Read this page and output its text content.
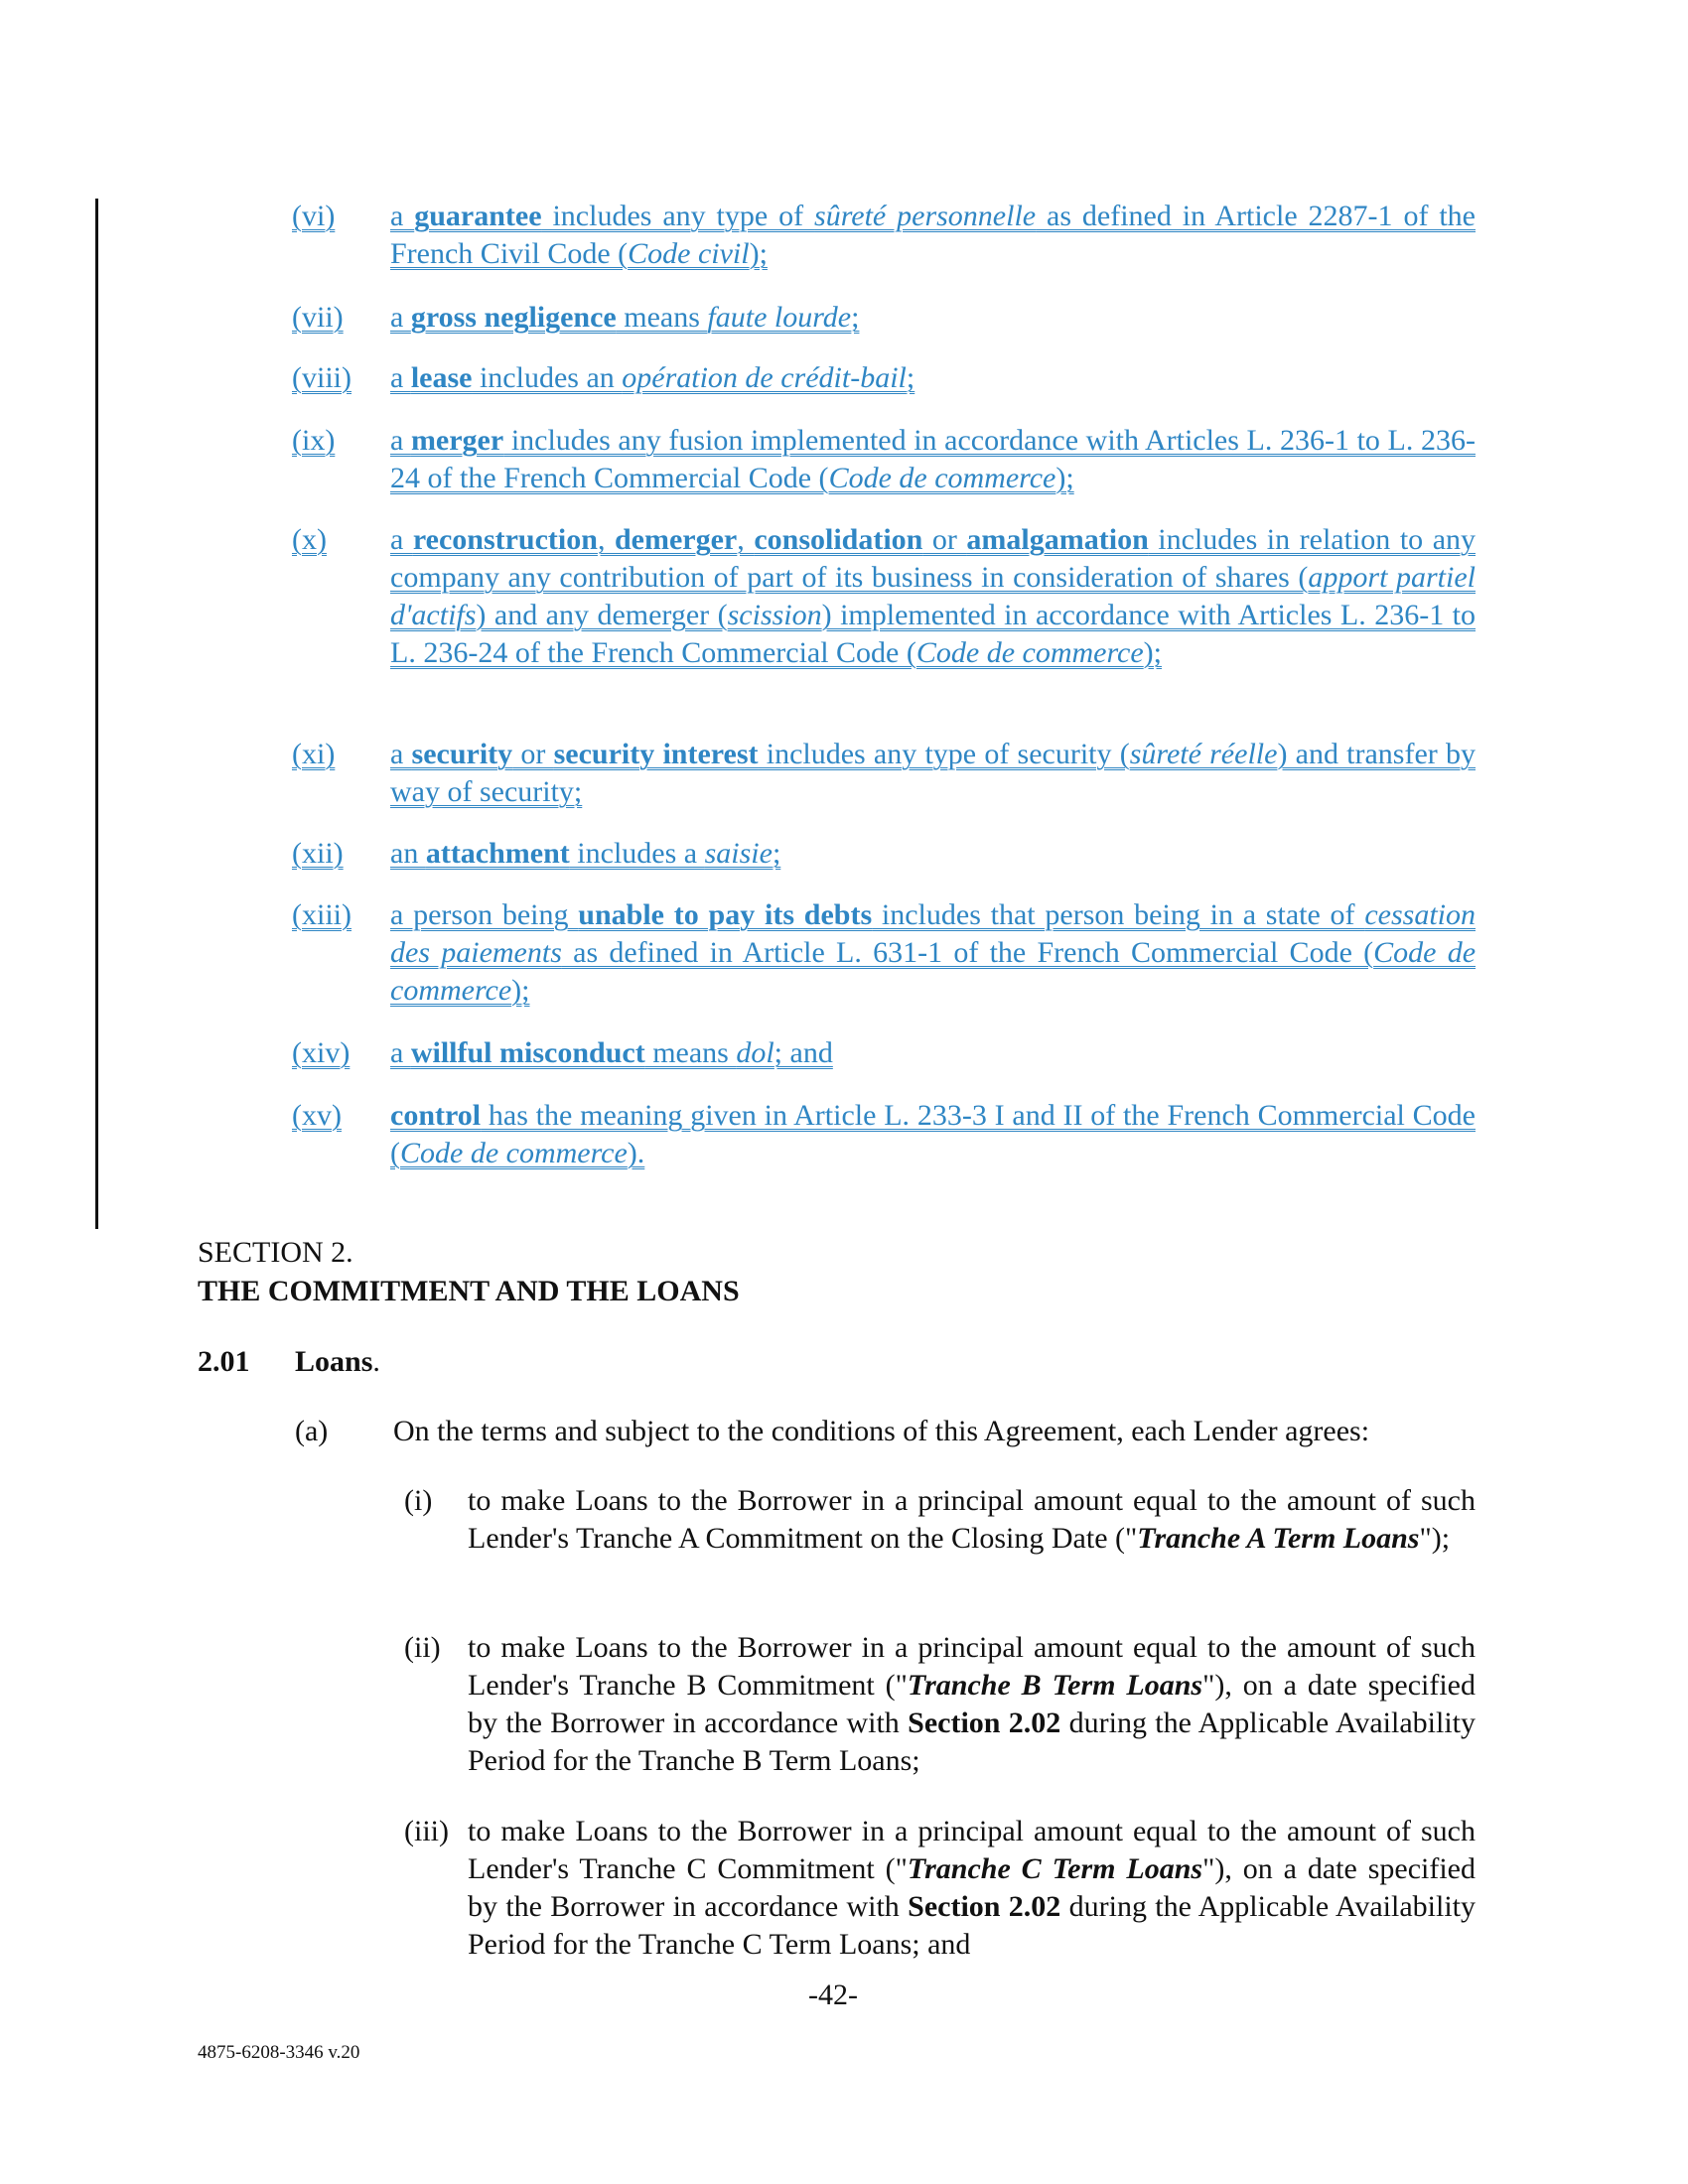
(vi)	a guarantee includes any type of sûreté personnelle as defined in Article 2287-1 of the French Civil Code (Code civil);
(vii)	a gross negligence means faute lourde;
(viii)	a lease includes an opération de crédit-bail;
(ix)	a merger includes any fusion implemented in accordance with Articles L. 236-1 to L. 236-24 of the French Commercial Code (Code de commerce);
(x)	a reconstruction, demerger, consolidation or amalgamation includes in relation to any company any contribution of part of its business in consideration of shares (apport partiel d'actifs) and any demerger (scission) implemented in accordance with Articles L. 236-1 to L. 236-24 of the French Commercial Code (Code de commerce);
(xi)	a security or security interest includes any type of security (sûreté réelle) and transfer by way of security;
(xii)	an attachment includes a saisie;
(xiii)	a person being unable to pay its debts includes that person being in a state of cessation des paiements as defined in Article L. 631-1 of the French Commercial Code (Code de commerce);
(xiv)	a willful misconduct means dol; and
(xv)	control has the meaning given in Article L. 233-3 I and II of the French Commercial Code (Code de commerce).
SECTION 2.
THE COMMITMENT AND THE LOANS
2.01 Loans.
(a) On the terms and subject to the conditions of this Agreement, each Lender agrees:
(i) to make Loans to the Borrower in a principal amount equal to the amount of such Lender's Tranche A Commitment on the Closing Date ("Tranche A Term Loans");
(ii) to make Loans to the Borrower in a principal amount equal to the amount of such Lender's Tranche B Commitment ("Tranche B Term Loans"), on a date specified by the Borrower in accordance with Section 2.02 during the Applicable Availability Period for the Tranche B Term Loans;
(iii) to make Loans to the Borrower in a principal amount equal to the amount of such Lender's Tranche C Commitment ("Tranche C Term Loans"), on a date specified by the Borrower in accordance with Section 2.02 during the Applicable Availability Period for the Tranche C Term Loans; and
-42-
4875-6208-3346 v.20
